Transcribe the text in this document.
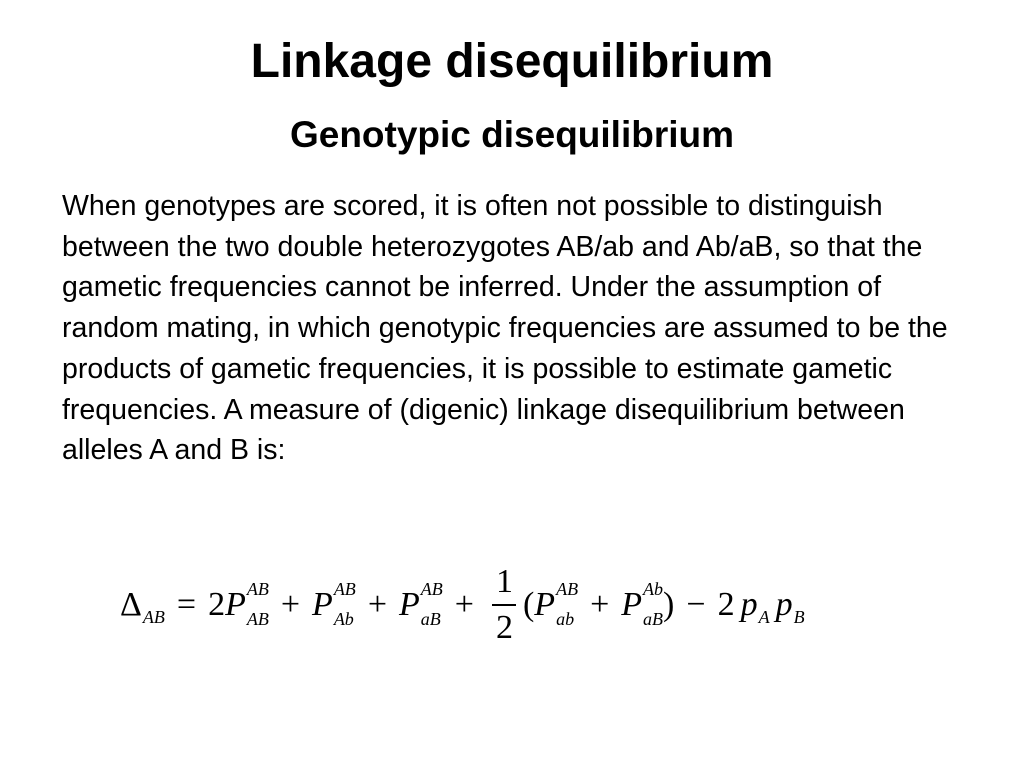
Linkage disequilibrium
Genotypic disequilibrium

When genotypes are scored, it is often not possible to distinguish between the two double heterozygotes AB/ab and Ab/aB, so that the gametic frequencies cannot be inferred. Under the assumption of random mating, in which genotypic frequencies are assumed to be the products of gametic frequencies, it is possible to estimate gametic frequencies. A measure of (digenic) linkage disequilibrium between alleles A and B is:

Δ AB = 2 P AB
AB + P AB
Ab + P AB
aB + $\frac{1}{2}$ ( P AB
ab + P Ab
aB ) − 2 p A p B
